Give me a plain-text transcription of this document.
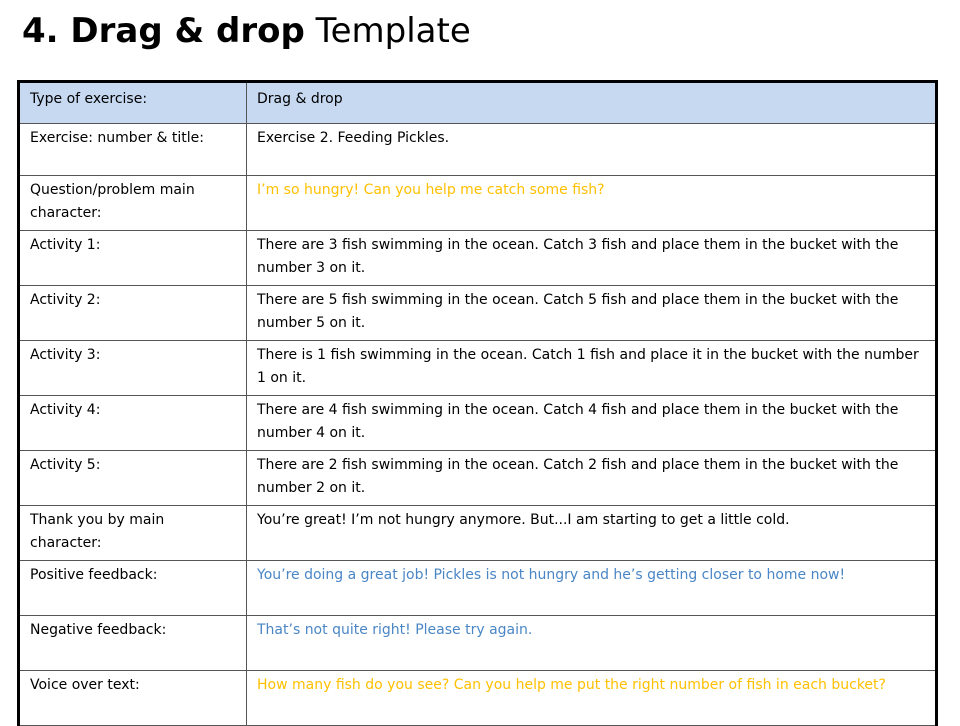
4. Drag & drop Template
Type of exercise:	Drag & drop
Exercise: number & title:	Exercise 2. Feeding Pickles.
Question/problem main character:	I’m so hungry! Can you help me catch some fish?
Activity 1:	There are 3 fish swimming in the ocean. Catch 3 fish and place them in the bucket with the number 3 on it.
Activity 2:	There are 5 fish swimming in the ocean. Catch 5 fish and place them in the bucket with the number 5 on it.
Activity 3:	There is 1 fish swimming in the ocean. Catch 1 fish and place it in the bucket with the number 1 on it.
Activity 4:	There are 4 fish swimming in the ocean. Catch 4 fish and place them in the bucket with the number 4 on it.
Activity 5:	There are 2 fish swimming in the ocean. Catch 2 fish and place them in the bucket with the number 2 on it.
Thank you by main character:	You’re great! I’m not hungry anymore. But...I am starting to get a little cold.
Positive feedback:	You’re doing a great job! Pickles is not hungry and he’s getting closer to home now!
Negative feedback:	That’s not quite right! Please try again.
Voice over text:	How many fish do you see? Can you help me put the right number of fish in each bucket?
